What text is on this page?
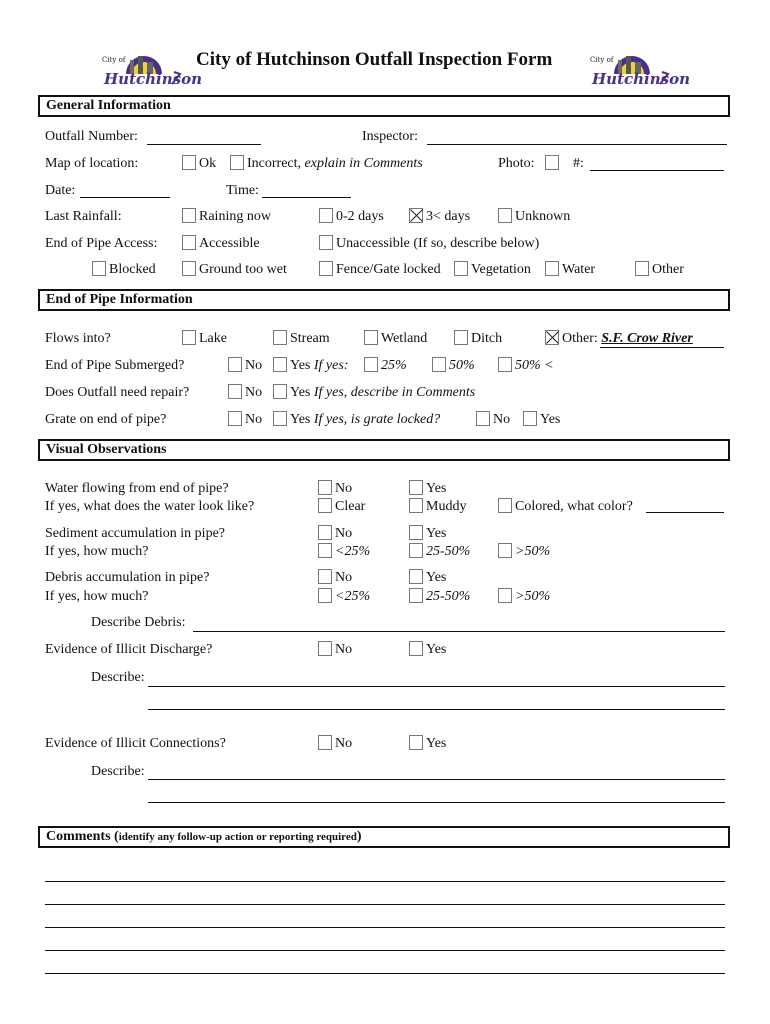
City of
Hutchinson
City of
Hutchinson
City of Hutchinson Outfall Inspection Form
General Information
Outfall Number:	Inspector:
Map of location:	Ok Incorrect, explain in Comments	Photo:	#:
Date:	Time:
Last Rainfall:	Raining now	0-2 days	3< days	Unknown
End of Pipe Access:	Accessible	Unaccessible (If so, describe below)
Blocked	Ground too wet	Fence/Gate locked Vegetation Water	Other
End of Pipe Information
Flows into?	Lake	Stream	Wetland	Ditch	Other: S.F. Crow River
End of Pipe Submerged?	No Yes If yes: 25%	50%	50% <
Does Outfall need repair?	No Yes If yes, describe in Comments
Grate on end of pipe?	No Yes If yes, is grate locked?	No Yes
Visual Observations
Water flowing from end of pipe?	No	Yes
If yes, what does the water look like?	Clear	Muddy	Colored, what color?
Sediment accumulation in pipe?	No	Yes
If yes, how much?	<25%	25-50%	>50%
Debris accumulation in pipe?	No	Yes
If yes, how much?	<25%	25-50%	>50%
Describe Debris:
Evidence of Illicit Discharge?	No	Yes
Describe:
Evidence of Illicit Connections?	No	Yes
Describe:
Comments (identify any follow-up action or reporting required)
